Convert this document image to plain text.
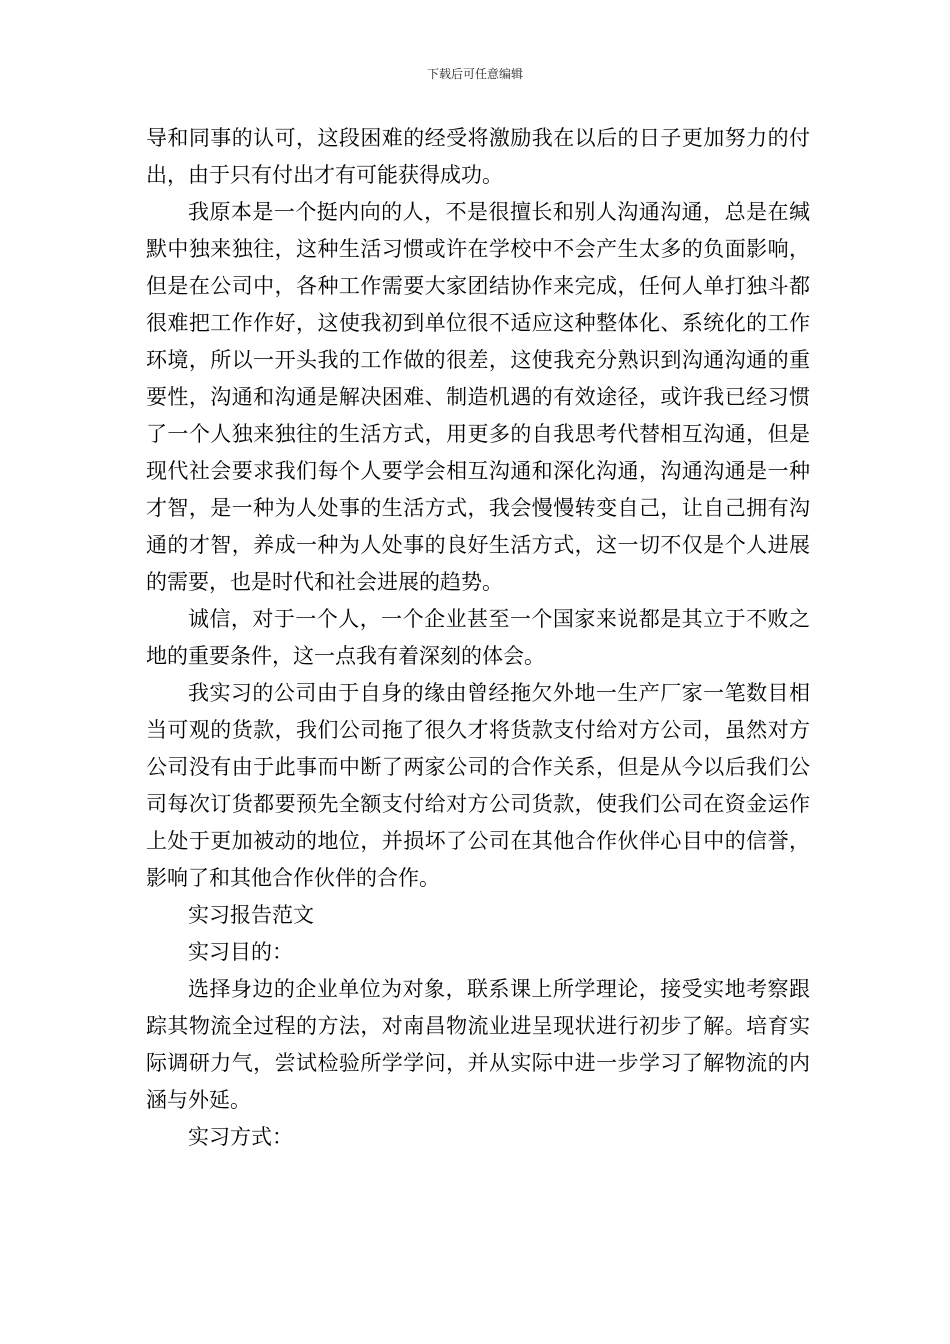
下载后可任意编辑

导和同事的认可，这段困难的经受将激励我在以后的日子更加努力的付出，由于只有付出才有可能获得成功。

我原本是一个挺内向的人，不是很擅长和别人沟通沟通，总是在缄默中独来独往，这种生活习惯或许在学校中不会产生太多的负面影响，但是在公司中，各种工作需要大家团结协作来完成，任何人单打独斗都很难把工作作好，这使我初到单位很不适应这种整体化、系统化的工作环境，所以一开头我的工作做的很差，这使我充分熟识到沟通沟通的重要性，沟通和沟通是解决困难、制造机遇的有效途径，或许我已经习惯了一个人独来独往的生活方式，用更多的自我思考代替相互沟通，但是现代社会要求我们每个人要学会相互沟通和深化沟通，沟通沟通是一种才智，是一种为人处事的生活方式，我会慢慢转变自己，让自己拥有沟通的才智，养成一种为人处事的良好生活方式，这一切不仅是个人进展的需要，也是时代和社会进展的趋势。

诚信，对于一个人，一个企业甚至一个国家来说都是其立于不败之地的重要条件，这一点我有着深刻的体会。

我实习的公司由于自身的缘由曾经拖欠外地一生产厂家一笔数目相当可观的货款，我们公司拖了很久才将货款支付给对方公司，虽然对方公司没有由于此事而中断了两家公司的合作关系，但是从今以后我们公司每次订货都要预先全额支付给对方公司货款，使我们公司在资金运作上处于更加被动的地位，并损坏了公司在其他合作伙伴心目中的信誉，影响了和其他合作伙伴的合作。

实习报告范文

实习目的：

选择身边的企业单位为对象，联系课上所学理论，接受实地考察跟踪其物流全过程的方法，对南昌物流业进呈现状进行初步了解。培育实际调研力气，尝试检验所学学问，并从实际中进一步学习了解物流的内涵与外延。

实习方式：
